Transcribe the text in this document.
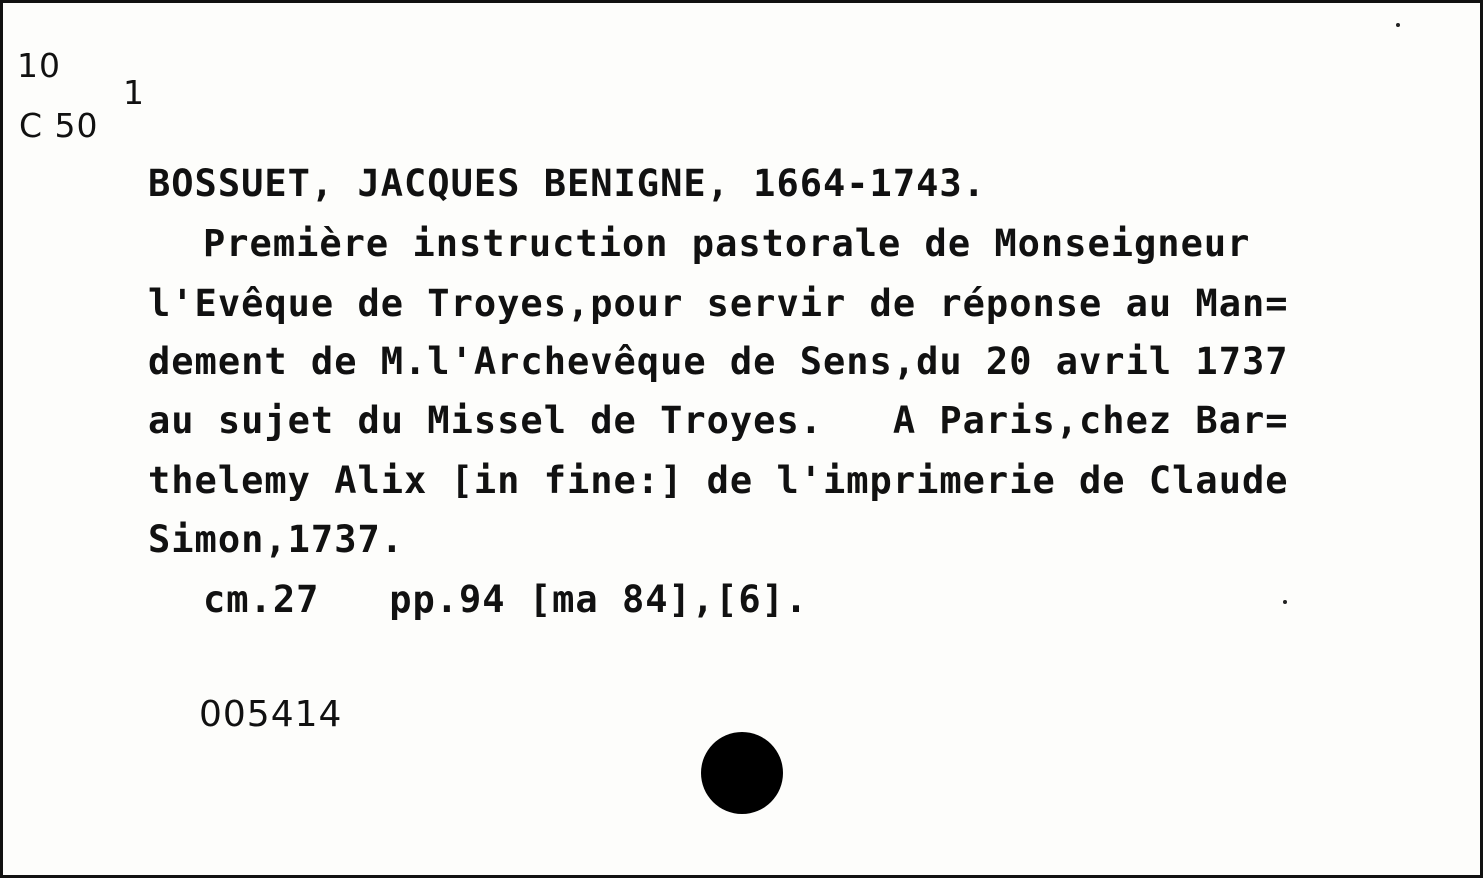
10
C 50
1
BOSSUET, JACQUES BENIGNE, 1664-1743.
Première instruction pastorale de Monseigneur
l'Evêque de Troyes,pour servir de réponse au Man=
dement de M.l'Archevêque de Sens,du 20 avril 1737
au sujet du Missel de Troyes.   A Paris,chez Bar=
thelemy Alix [in fine:] de l'imprimerie de Claude
Simon,1737.
cm.27   pp.94 [ma 84],[6].
005414
